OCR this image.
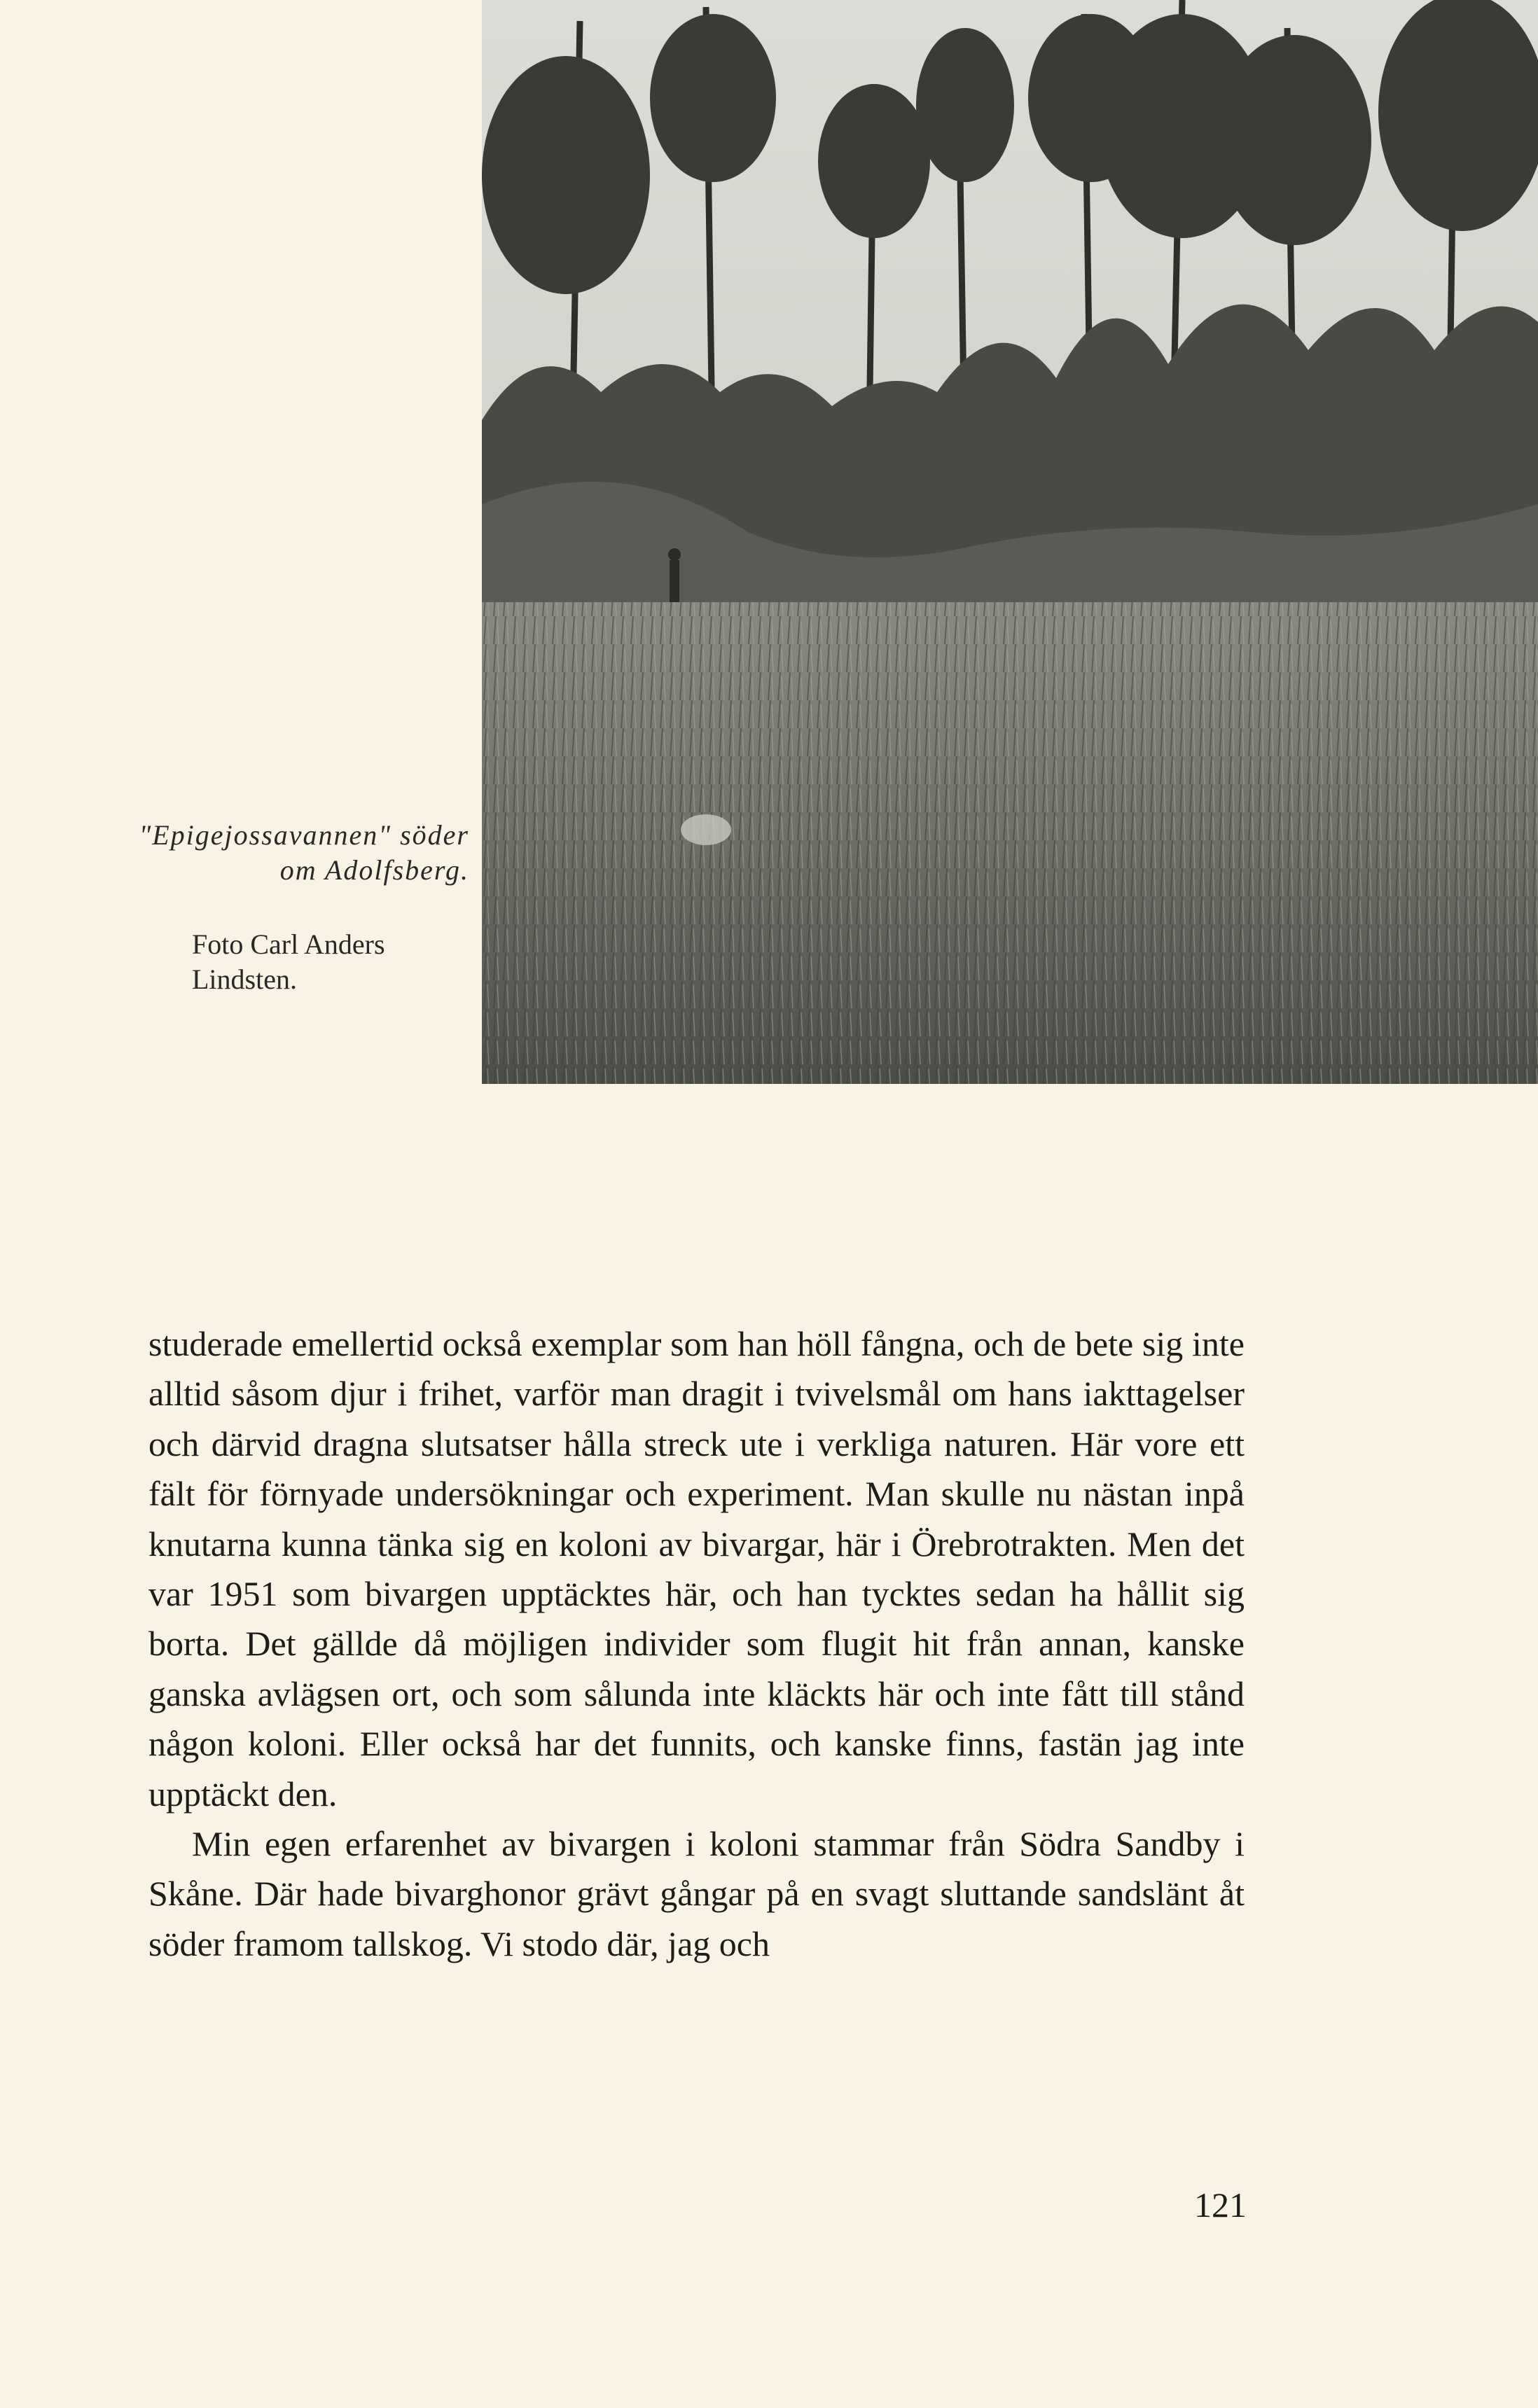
"Epigejossavannen" söder om Adolfsberg.
Foto Carl Anders Lindsten.

studerade emellertid också exemplar som han höll fångna, och de bete sig inte alltid såsom djur i frihet, varför man dragit i tvivelsmål om hans iakttagelser och därvid dragna slutsatser hålla streck ute i verkliga naturen. Här vore ett fält för förnyade undersökningar och experiment. Man skulle nu nästan inpå knutarna kunna tänka sig en koloni av bivargar, här i Örebrotrakten. Men det var 1951 som bivargen upptäcktes här, och han tycktes sedan ha hållit sig borta. Det gällde då möjligen individer som flugit hit från annan, kanske ganska avlägsen ort, och som sålunda inte kläckts här och inte fått till stånd någon koloni. Eller också har det funnits, och kanske finns, fastän jag inte upptäckt den.

Min egen erfarenhet av bivargen i koloni stammar från Södra Sandby i Skåne. Där hade bivarghonor grävt gångar på en svagt sluttande sandslänt åt söder framom tallskog. Vi stodo där, jag och

121
